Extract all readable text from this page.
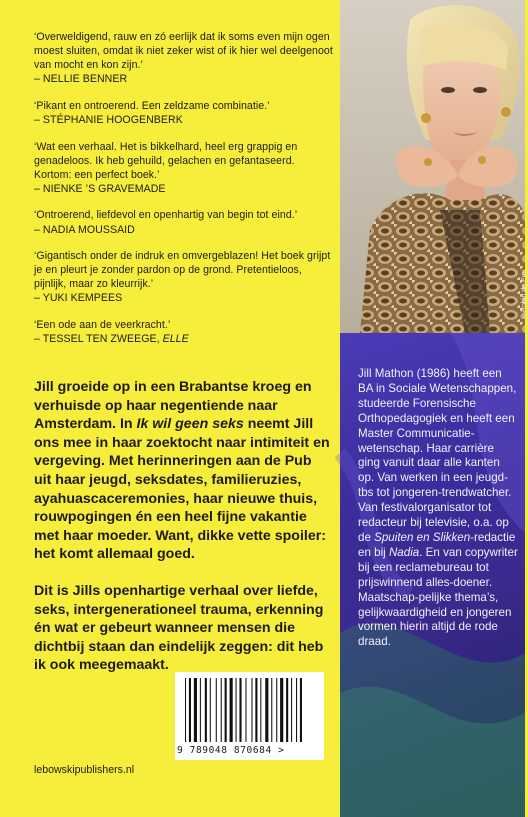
‘Overweldigend, rauw en zó eerlijk dat ik soms even mijn ogen moest sluiten, omdat ik niet zeker wist of ik hier wel deelgenoot van mocht en kon zijn.’
– NELLIE BENNER
‘Pikant en ontroerend. Een zeldzame combinatie.’
– STÉPHANIE HOOGENBERK
‘Wat een verhaal. Het is bikkelhard, heel erg grappig en genadeloos. Ik heb gehuild, gelachen en gefantaseerd. Kortom: een perfect boek.’
– NIENKE ’S GRAVEMADE
‘Ontroerend, liefdevol en openhartig van begin tot eind.’
– NADIA MOUSSAID
‘Gigantisch onder de indruk en omvergeblazen! Het boek grijpt je en pleurt je zonder pardon op de grond. Pretentieloos, pijnlijk, maar zo kleurrijk.’
– YUKI KEMPEES
‘Een ode aan de veerkracht.’
– TESSEL TEN ZWEEGE, ELLE

Jill groeide op in een Brabantse kroeg en verhuisde op haar negentiende naar Amsterdam. In Ik wil geen seks neemt Jill ons mee in haar zoektocht naar intimiteit en vergeving. Met herinneringen aan de Pub uit haar jeugd, seksdates, familieruzies, ayahuascaceremonies, haar nieuwe thuis, rouwpogingen én een heel fijne vakantie met haar moeder. Want, dikke vette spoiler: het komt allemaal goed.

Dit is Jills openhartige verhaal over liefde, seks, intergenerationeel trauma, erkenning én wat er gebeurt wanneer mensen die dichtbij staan dan eindelijk zeggen: dit heb ik ook meegemaakt.

9 789048 870684 >
lebowskipublishers.nl
© Robin de Puy
Jill Mathon (1986) heeft een BA in Sociale Wetenschappen, studeerde Forensische Orthopedagogiek en heeft een Master Communicatie-wetenschap. Haar carrière ging vanuit daar alle kanten op. Van werken in een jeugd-tbs tot jongeren-trendwatcher. Van festivalorganisator tot redacteur bij televisie, o.a. op de Spuiten en Slikken-redactie en bij Nadia. En van copywriter bij een reclamebureau tot prijswinnend alles-doener. Maatschap-pelijke thema’s, gelijkwaardigheid en jongeren vormen hierin altijd de rode draad.
